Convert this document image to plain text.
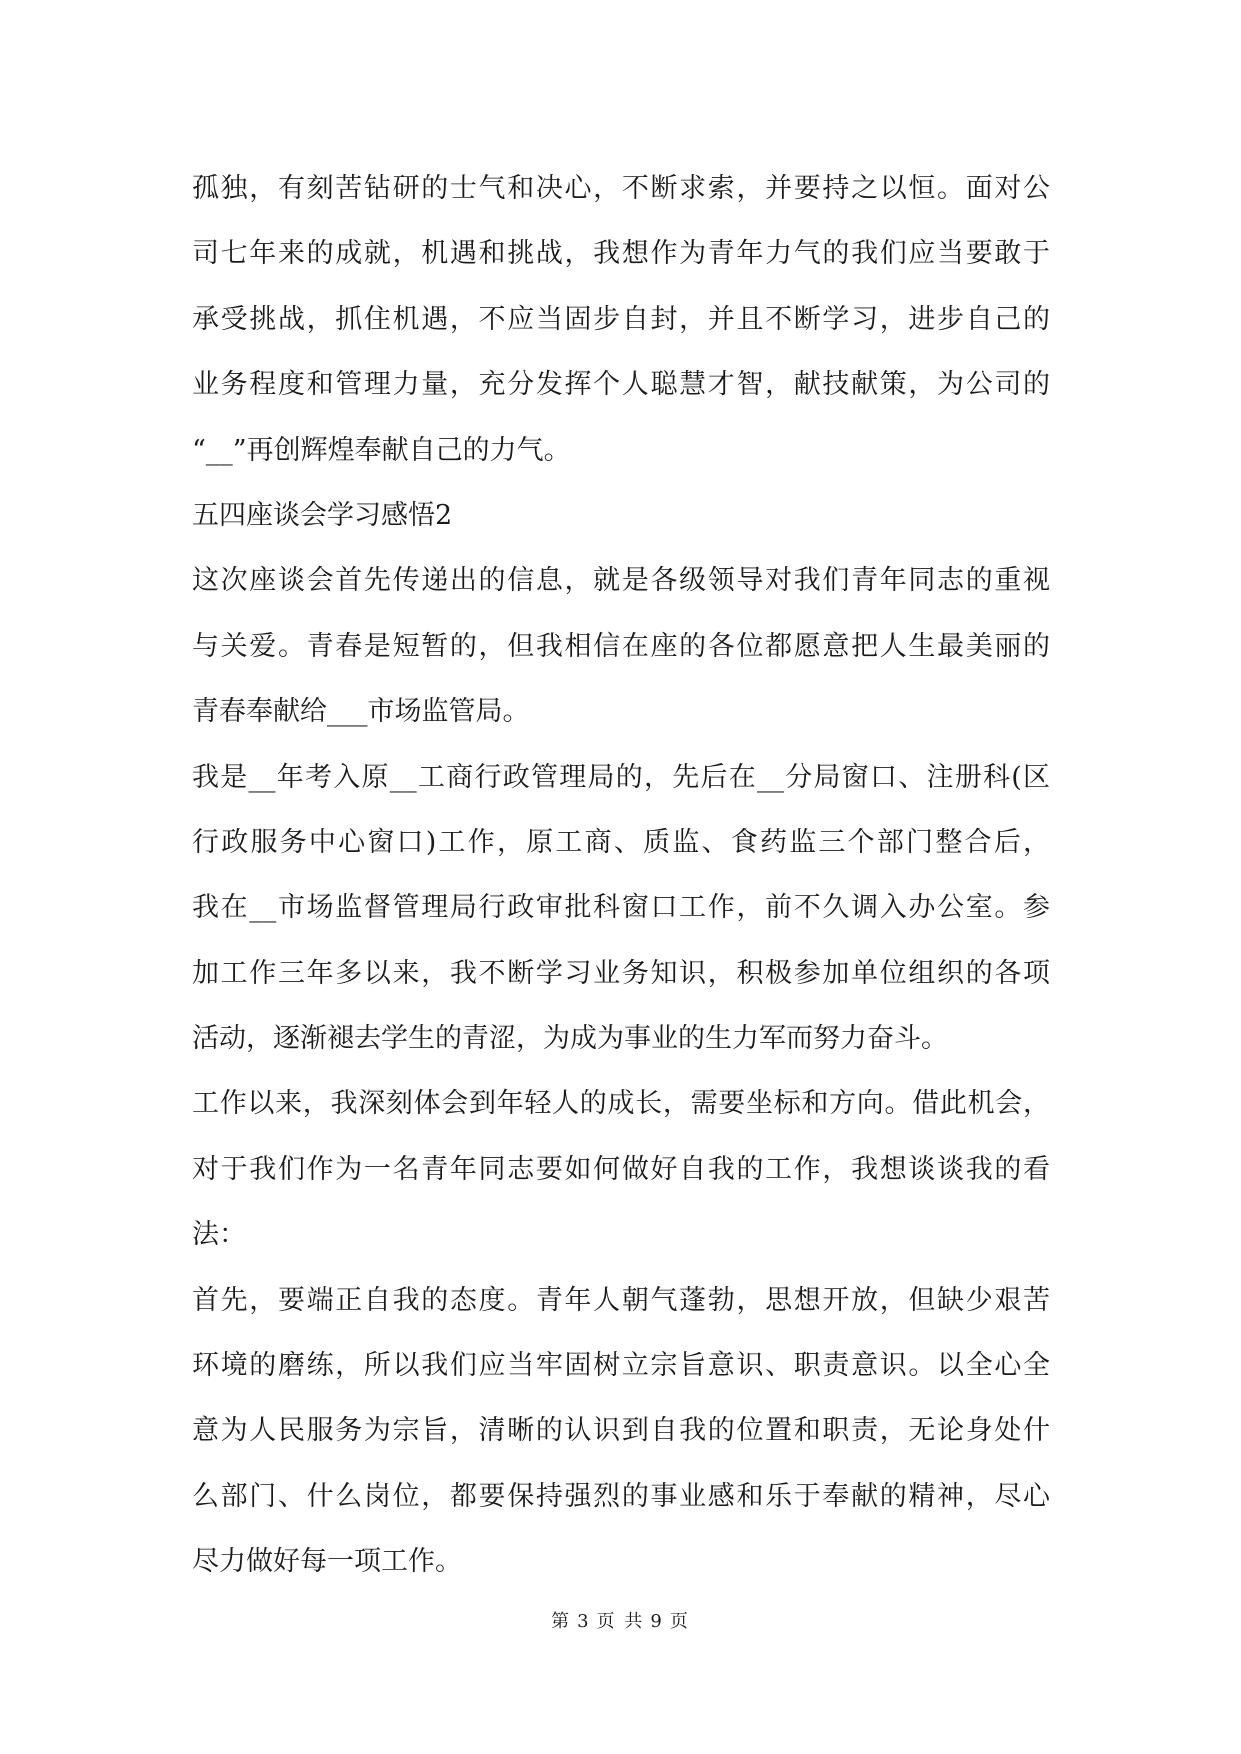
孤独，有刻苦钻研的士气和决心，不断求索，并要持之以恒。面对公
司七年来的成就，机遇和挑战，我想作为青年力气的我们应当要敢于
承受挑战，抓住机遇，不应当固步自封，并且不断学习，进步自己的
业务程度和管理力量，充分发挥个人聪慧才智，献技献策，为公司的
“__”再创辉煌奉献自己的力气。
五四座谈会学习感悟2
这次座谈会首先传递出的信息，就是各级领导对我们青年同志的重视
与关爱。青春是短暂的，但我相信在座的各位都愿意把人生最美丽的
青春奉献给___市场监管局。
我是__年考入原__工商行政管理局的，先后在__分局窗口、注册科(区
行政服务中心窗口)工作，原工商、质监、食药监三个部门整合后，
我在__市场监督管理局行政审批科窗口工作，前不久调入办公室。参
加工作三年多以来，我不断学习业务知识，积极参加单位组织的各项
活动，逐渐褪去学生的青涩，为成为事业的生力军而努力奋斗。
工作以来，我深刻体会到年轻人的成长，需要坐标和方向。借此机会，
对于我们作为一名青年同志要如何做好自我的工作，我想谈谈我的看
法：
首先，要端正自我的态度。青年人朝气蓬勃，思想开放，但缺少艰苦
环境的磨练，所以我们应当牢固树立宗旨意识、职责意识。以全心全
意为人民服务为宗旨，清晰的认识到自我的位置和职责，无论身处什
么部门、什么岗位，都要保持强烈的事业感和乐于奉献的精神，尽心
尽力做好每一项工作。
第 3 页 共 9 页
